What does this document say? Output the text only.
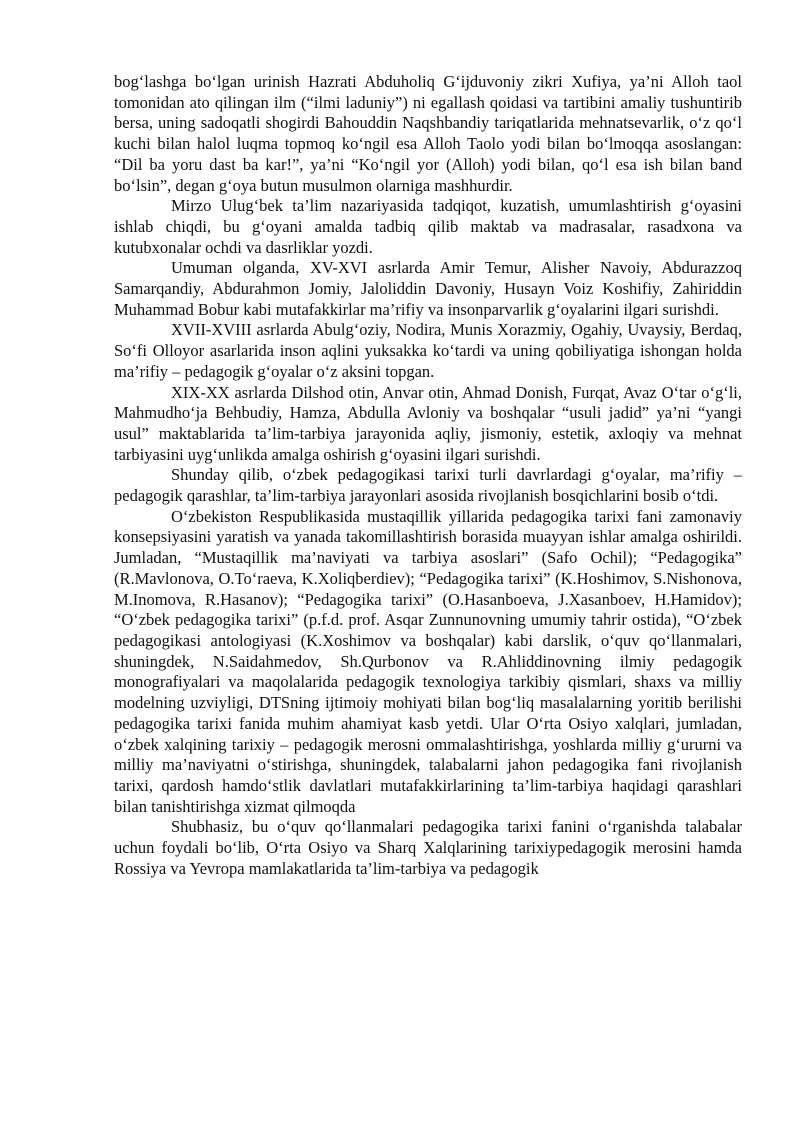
bog‘lashga bo‘lgan urinish Hazrati Abduholiq G‘ijduvoniy zikri Xufiya, ya’ni Alloh taol tomonidan ato qilingan ilm (“ilmi laduniy”) ni egallash qoidasi va tartibini amaliy tushuntirib bersa, uning sadoqatli shogirdi Bahouddin Naqshbandiy tariqatlarida mehnatsevarlik, o‘z qo‘l kuchi bilan halol luqma topmoq ko‘ngil esa Alloh Taolo yodi bilan bo‘lmoqqa asoslangan: “Dil ba yoru dast ba kar!”, ya’ni “Ko‘ngil yor (Alloh) yodi bilan, qo‘l esa ish bilan band bo‘lsin”, degan g‘oya butun musulmon olarniga mashhurdir.

Mirzo Ulug‘bek ta’lim nazariyasida tadqiqot, kuzatish, umumlashtirish g‘oyasini ishlab chiqdi, bu g‘oyani amalda tadbiq qilib maktab va madrasalar, rasadxona va kutubxonalar ochdi va dasrliklar yozdi.

Umuman olganda, XV-XVI asrlarda Amir Temur, Alisher Navoiy, Abdurazzoq Samarqandiy, Abdurahmon Jomiy, Jaloliddin Davoniy, Husayn Voiz Koshifiy, Zahiriddin Muhammad Bobur kabi mutafakkirlar ma’rifiy va insonparvarlik g‘oyalarini ilgari surishdi.

XVII-XVIII asrlarda Abulg‘oziy, Nodira, Munis Xorazmiy, Ogahiy, Uvaysiy, Berdaq, So‘fi Olloyor asarlarida inson aqlini yuksakka ko‘tardi va uning qobiliyatiga ishongan holda ma’rifiy – pedagogik g‘oyalar o‘z aksini topgan.

XIX-XX asrlarda Dilshod otin, Anvar otin, Ahmad Donish, Furqat, Avaz O‘tar o‘g‘li, Mahmudho‘ja Behbudiy, Hamza, Abdulla Avloniy va boshqalar “usuli jadid” ya’ni “yangi usul” maktablarida ta’lim-tarbiya jarayonida aqliy, jismoniy, estetik, axloqiy va mehnat tarbiyasini uyg‘unlikda amalga oshirish g‘oyasini ilgari surishdi.

Shunday qilib, o‘zbek pedagogikasi tarixi turli davrlardagi g‘oyalar, ma’rifiy – pedagogik qarashlar, ta’lim-tarbiya jarayonlari asosida rivojlanish bosqichlarini bosib o‘tdi.

O‘zbekiston Respublikasida mustaqillik yillarida pedagogika tarixi fani zamonaviy konsepsiyasini yaratish va yanada takomillashtirish borasida muayyan ishlar amalga oshirildi. Jumladan, “Mustaqillik ma’naviyati va tarbiya asoslari” (Safo Ochil); “Pedagogika” (R.Mavlonova, O.To‘raeva, K.Xoliqberdiev); “Pedagogika tarixi” (K.Hoshimov, S.Nishonova, M.Inomova, R.Hasanov); “Pedagogika tarixi” (O.Hasanboeva, J.Xasanboev, H.Hamidov); “O‘zbek pedagogika tarixi” (p.f.d. prof. Asqar Zunnunovning umumiy tahrir ostida), “O‘zbek pedagogikasi antologiyasi (K.Xoshimov va boshqalar) kabi darslik, o‘quv qo‘llanmalari, shuningdek, N.Saidahmedov, Sh.Qurbonov va R.Ahliddinovning ilmiy pedagogik monografiyalari va maqolalarida pedagogik texnologiya tarkibiy qismlari, shaxs va milliy modelning uzviyligi, DTSning ijtimoiy mohiyati bilan bog‘liq masalalarning yoritib berilishi pedagogika tarixi fanida muhim ahamiyat kasb yetdi. Ular O‘rta Osiyo xalqlari, jumladan, o‘zbek xalqining tarixiy – pedagogik merosni ommalashtirishga, yoshlarda milliy g‘ururni va milliy ma’naviyatni o‘stirishga, shuningdek, talabalarni jahon pedagogika fani rivojlanish tarixi, qardosh hamdo‘stlik davlatlari mutafakkirlarining ta’lim-tarbiya haqidagi qarashlari bilan tanishtirishga xizmat qilmoqda

Shubhasiz, bu o‘quv qo‘llanmalari pedagogika tarixi fanini o‘rganishda talabalar uchun foydali bo‘lib, O‘rta Osiyo va Sharq Xalqlarining tarixiypedagogik merosini hamda Rossiya va Yevropa mamlakatlarida ta’lim-tarbiya va pedagogik
